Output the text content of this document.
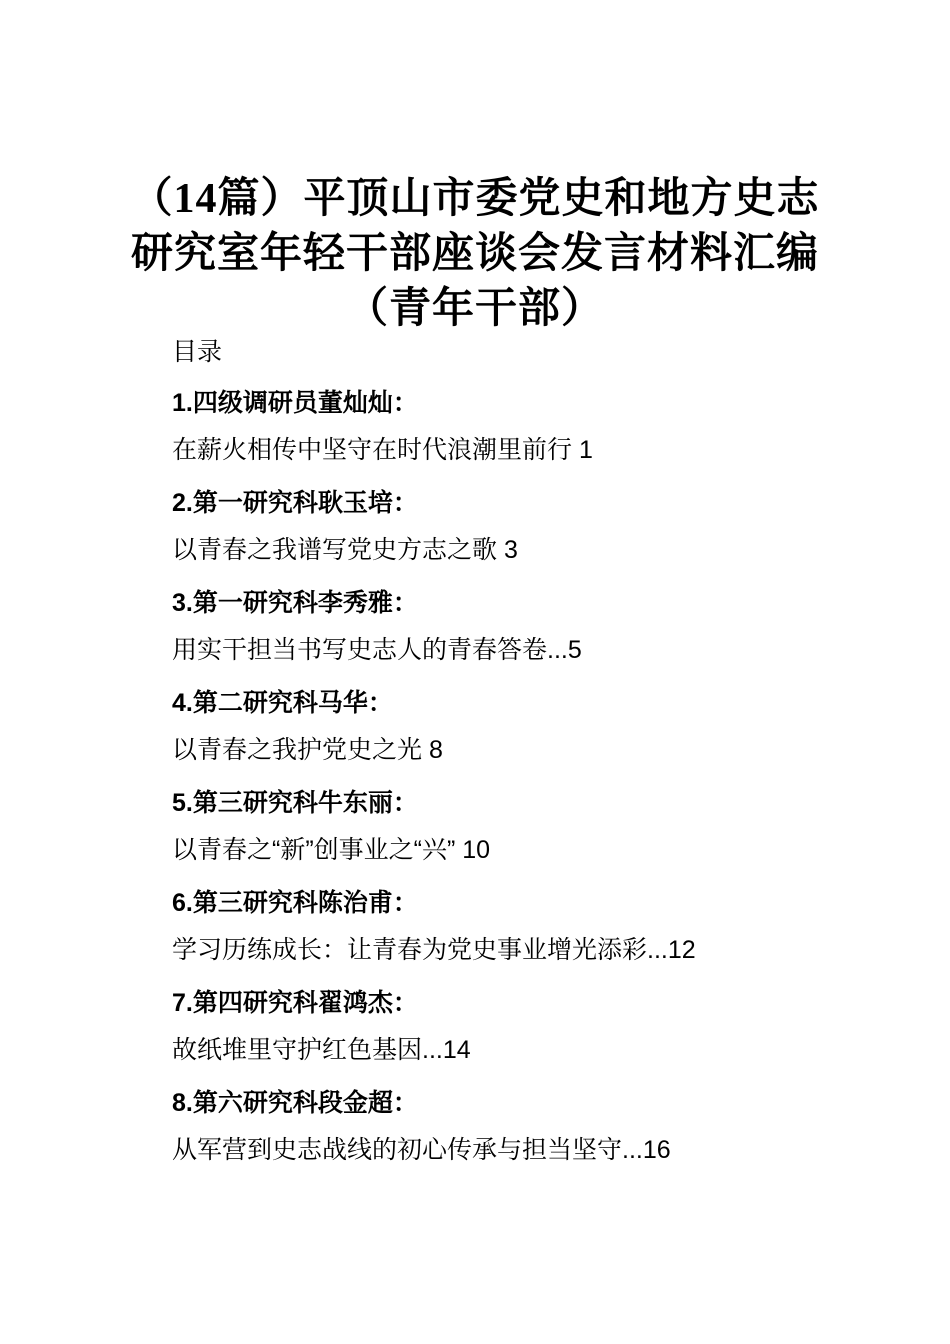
（14篇）平顶山市委党史和地方史志
研究室年轻干部座谈会发言材料汇编
（青年干部）
目录
1.四级调研员董灿灿：
在薪火相传中坚守在时代浪潮里前行 1
2.第一研究科耿玉培：
以青春之我谱写党史方志之歌 3
3.第一研究科李秀雅：
用实干担当书写史志人的青春答卷...5
4.第二研究科马华：
以青春之我护党史之光 8
5.第三研究科牛东丽：
以青春之“新”创事业之“兴” 10
6.第三研究科陈治甫：
学习历练成长：让青春为党史事业增光添彩...12
7.第四研究科翟鸿杰：
故纸堆里守护红色基因...14
8.第六研究科段金超：
从军营到史志战线的初心传承与担当坚守...16
